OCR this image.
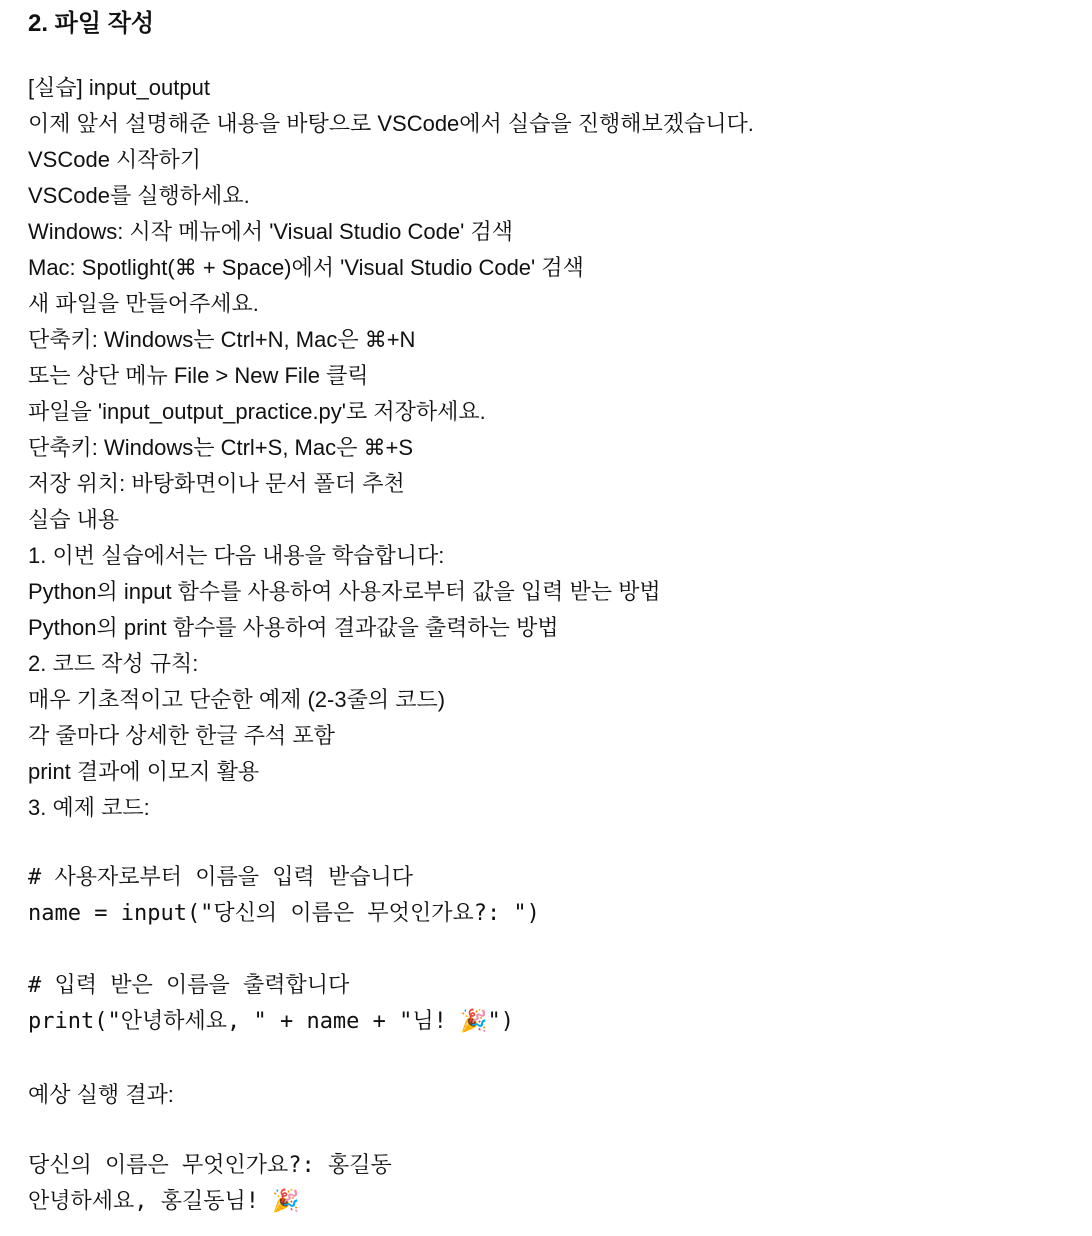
2. 파일 작성
[실습] input_output
이제 앞서 설명해준 내용을 바탕으로 VSCode에서 실습을 진행해보겠습니다.
VSCode 시작하기
VSCode를 실행하세요.
Windows: 시작 메뉴에서 'Visual Studio Code' 검색
Mac: Spotlight(⌘ + Space)에서 'Visual Studio Code' 검색
새 파일을 만들어주세요.
단축키: Windows는 Ctrl+N, Mac은 ⌘+N
또는 상단 메뉴 File > New File 클릭
파일을 'input_output_practice.py'로 저장하세요.
단축키: Windows는 Ctrl+S, Mac은 ⌘+S
저장 위치: 바탕화면이나 문서 폴더 추천
실습 내용
1. 이번 실습에서는 다음 내용을 학습합니다:
Python의 input 함수를 사용하여 사용자로부터 값을 입력 받는 방법
Python의 print 함수를 사용하여 결과값을 출력하는 방법
2. 코드 작성 규칙:
매우 기초적이고 단순한 예제 (2-3줄의 코드)
각 줄마다 상세한 한글 주석 포함
print 결과에 이모지 활용
3. 예제 코드:
# 사용자로부터 이름을 입력 받습니다
name = input("당신의 이름은 무엇인가요?: ")
# 입력 받은 이름을 출력합니다
print("안녕하세요, " + name + "님! 🎉")
예상 실행 결과:
당신의 이름은 무엇인가요?: 홍길동
안녕하세요, 홍길동님! 🎉
